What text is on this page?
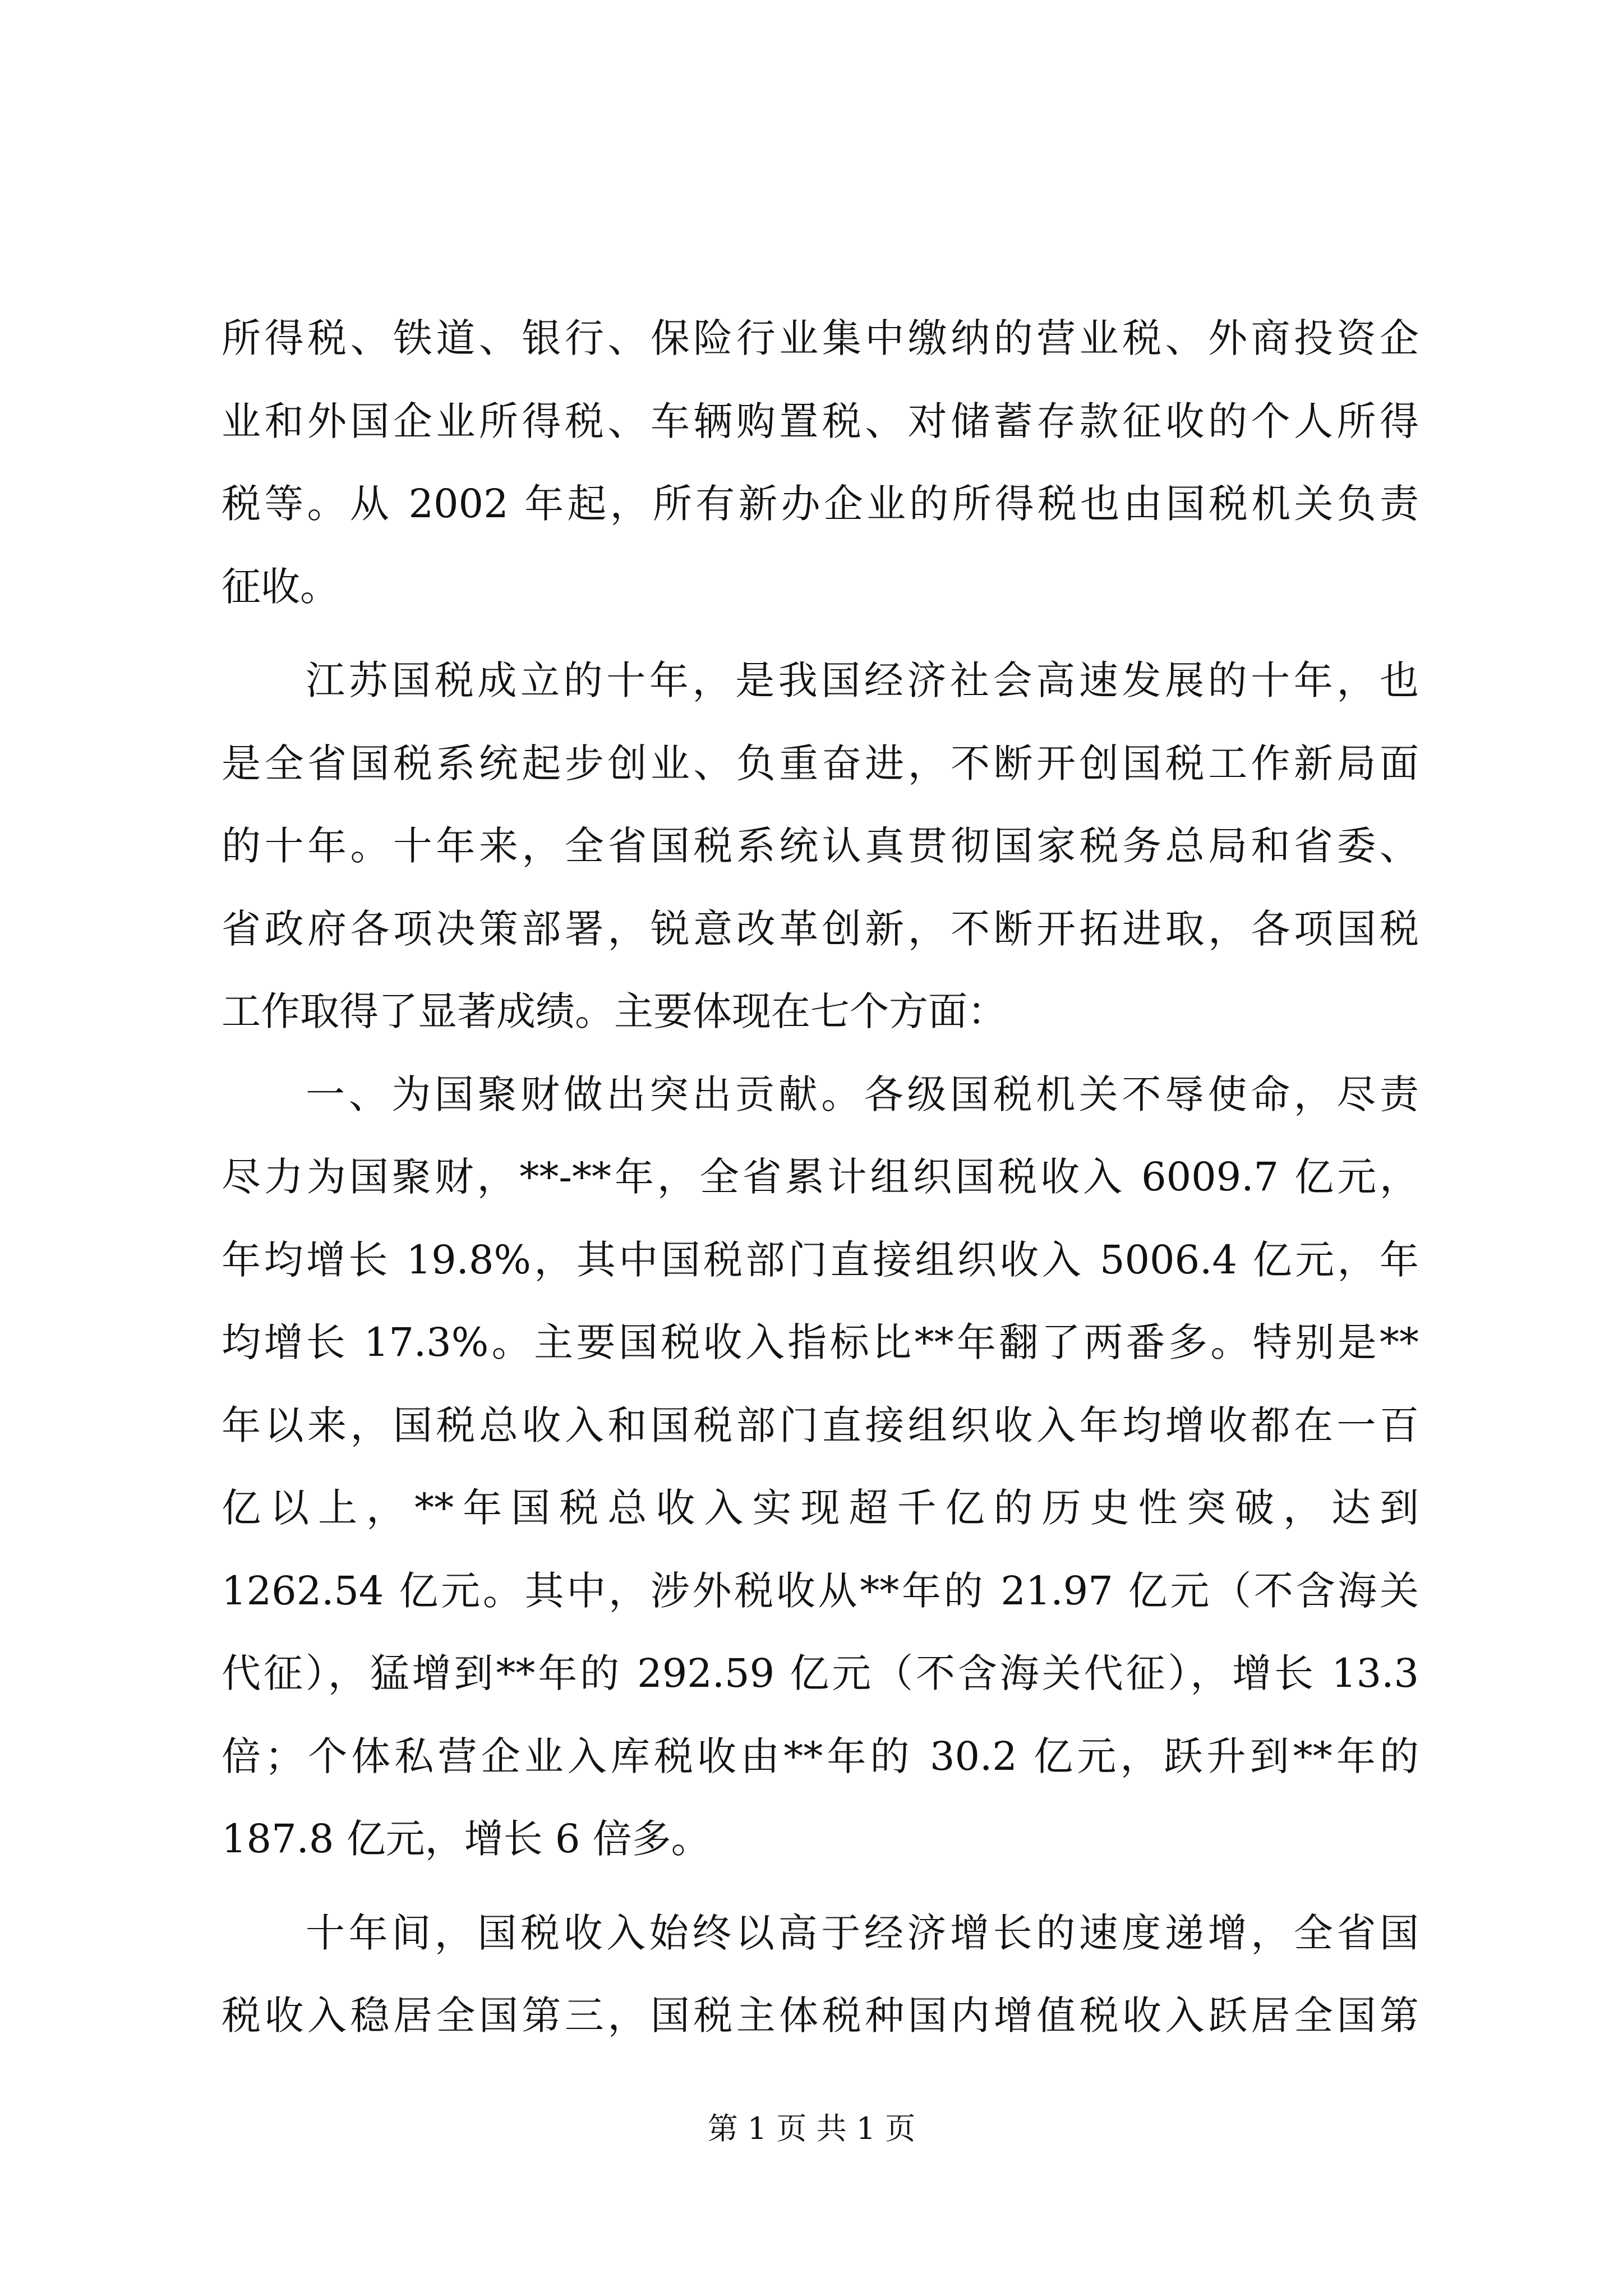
所得税、铁道、银行、保险行业集中缴纳的营业税、外商投资企
业和外国企业所得税、车辆购置税、对储蓄存款征收的个人所得
税等。从 2002 年起，所有新办企业的所得税也由国税机关负责
征收。
江苏国税成立的十年，是我国经济社会高速发展的十年，也
是全省国税系统起步创业、负重奋进，不断开创国税工作新局面
的十年。十年来，全省国税系统认真贯彻国家税务总局和省委、
省政府各项决策部署，锐意改革创新，不断开拓进取，各项国税
工作取得了显著成绩。主要体现在七个方面：
一、为国聚财做出突出贡献。各级国税机关不辱使命，尽责
尽力为国聚财，**-**年，全省累计组织国税收入 6009.7 亿元，
年均增长 19.8%，其中国税部门直接组织收入 5006.4 亿元，年
均增长 17.3%。主要国税收入指标比**年翻了两番多。特别是**
年以来，国税总收入和国税部门直接组织收入年均增收都在一百
亿以上，**年国税总收入实现超千亿的历史性突破，达到
1262.54 亿元。其中，涉外税收从**年的 21.97 亿元（不含海关
代征），猛增到**年的 292.59 亿元（不含海关代征），增长 13.3
倍；个体私营企业入库税收由**年的 30.2 亿元，跃升到**年的
187.8 亿元，增长 6 倍多。
十年间，国税收入始终以高于经济增长的速度递增，全省国
税收入稳居全国第三，国税主体税种国内增值税收入跃居全国第
第 1 页 共 1 页
